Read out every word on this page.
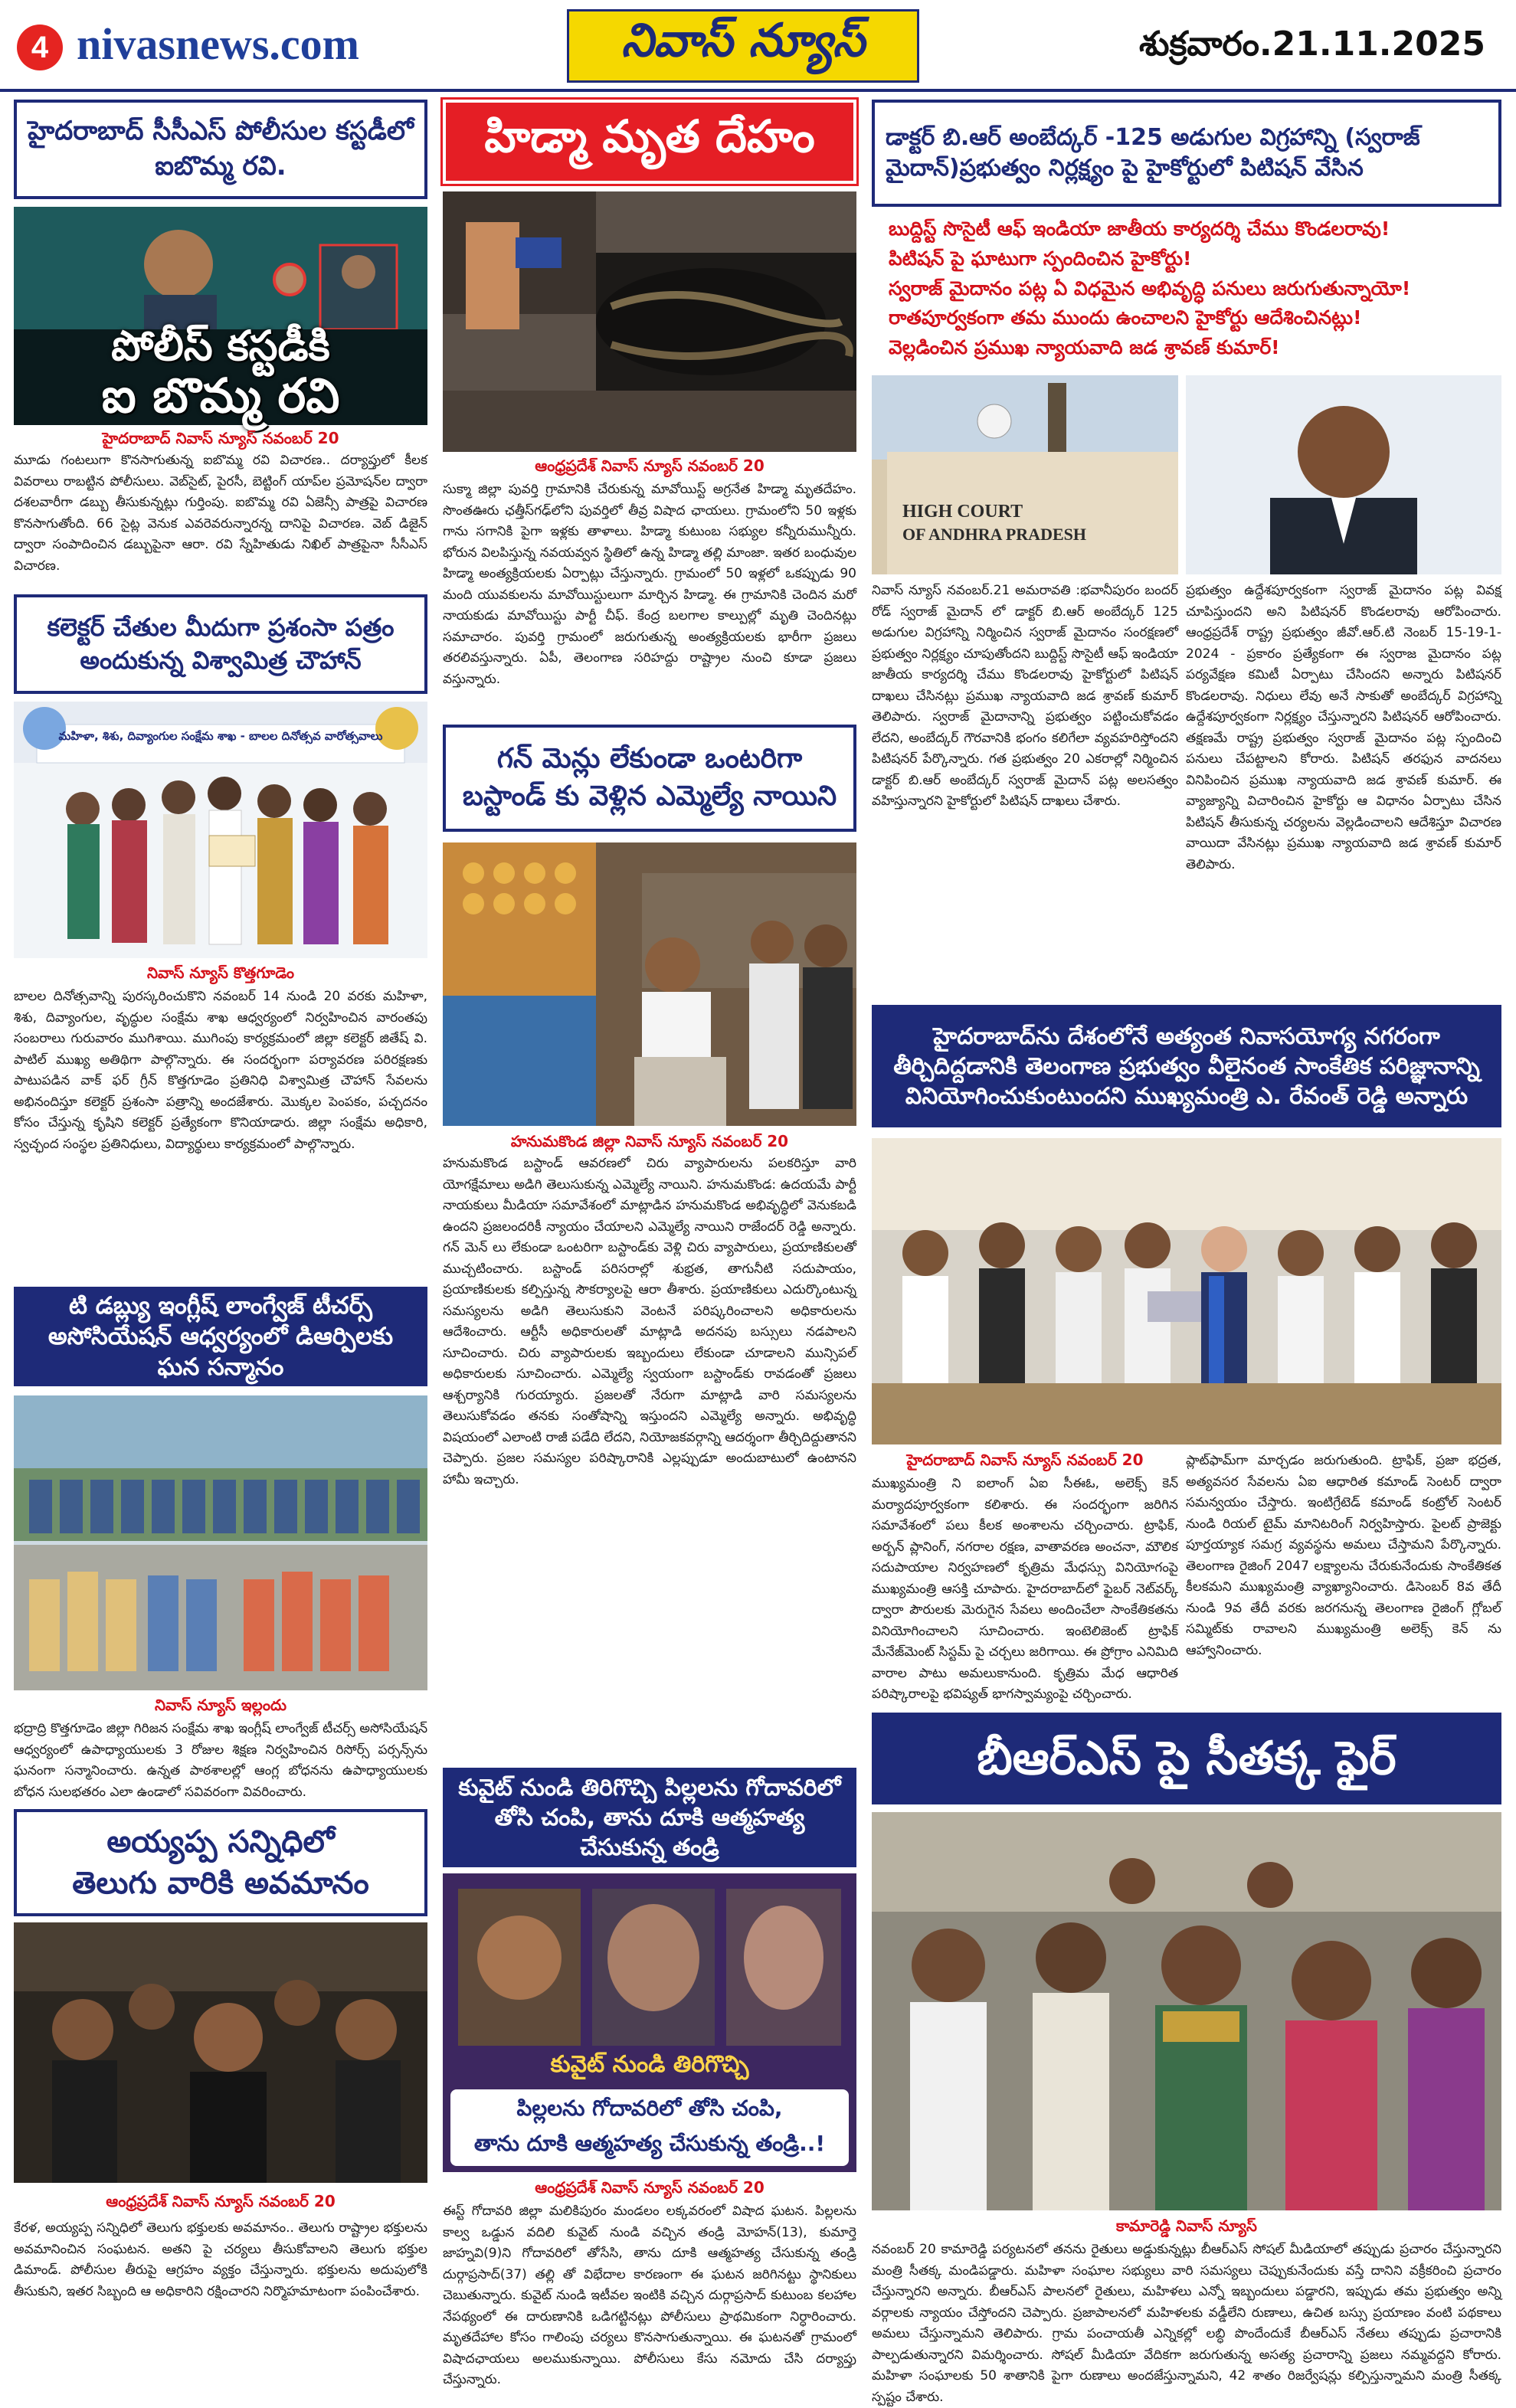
4 nivasnews.com	నివాస్ న్యూస్	శుక్రవారం.21.11.2025
హైదరాబాద్ సీసీఎస్ పోలీసుల కస్టడీలో ఐబొమ్మ రవి.
పోలీస్ కస్టడీకి
ఐ బొమ్మ రవి
హైదరాబాద్ నివాస్ న్యూస్ నవంబర్ 20
మూడు గంటలుగా కొనసాగుతున్న ఐబొమ్మ రవి విచారణ.. దర్యాప్తులో కీలక వివరాలు రాబట్టిన పోలీసులు. వెబ్‌సైట్, పైరసీ, బెట్టింగ్ యాప్‌ల ప్రమోషన్‌ల ద్వారా దశలవారీగా డబ్బు తీసుకున్నట్లు గుర్తింపు. ఐబొమ్మ రవి ఏజెన్సీ పాత్రపై విచారణ కొనసాగుతోంది. 66 సైట్ల వెనుక ఎవరెవరున్నారన్న దానిపై విచారణ. వెబ్ డిజైన్ ద్వారా సంపాదించిన డబ్బుపైనా ఆరా. రవి స్నేహితుడు నిఖిల్ పాత్రపైనా సీసీఎస్ విచారణ.
కలెక్టర్ చేతుల మీదుగా ప్రశంసా పత్రం అందుకున్న విశ్వామిత్ర చౌహాన్
మహిళా, శిశు, దివ్యాంగుల సంక్షేమ శాఖ - బాలల దినోత్సవ వారోత్సవాలు
నివాస్ న్యూస్ కొత్తగూడెం
బాలల దినోత్సవాన్ని పురస్కరించుకొని నవంబర్ 14 నుండి 20 వరకు మహిళా, శిశు, దివ్యాంగుల, వృద్ధుల సంక్షేమ శాఖ ఆధ్వర్యంలో నిర్వహించిన వారంతపు సంబరాలు గురువారం ముగిశాయి. ముగింపు కార్యక్రమంలో జిల్లా కలెక్టర్ జితేష్ వి. పాటిల్ ముఖ్య అతిథిగా పాల్గొన్నారు. ఈ సందర్భంగా పర్యావరణ పరిరక్షణకు పాటుపడిన వాక్ ఫర్ గ్రీన్ కొత్తగూడెం ప్రతినిధి విశ్వామిత్ర చౌహాన్ సేవలను అభినందిస్తూ కలెక్టర్ ప్రశంసా పత్రాన్ని అందజేశారు. మొక్కల పెంపకం, పచ్చదనం కోసం చేస్తున్న కృషిని కలెక్టర్ ప్రత్యేకంగా కొనియాడారు. జిల్లా సంక్షేమ అధికారి, స్వచ్ఛంద సంస్థల ప్రతినిధులు, విద్యార్థులు కార్యక్రమంలో పాల్గొన్నారు.
టి డబ్ల్యు ఇంగ్లీష్ లాంగ్వేజ్ టీచర్స్ అసోసియేషన్ ఆధ్వర్యంలో డిఆర్పిలకు ఘన సన్మానం
నివాస్ న్యూస్ ఇల్లందు
భద్రాద్రి కొత్తగూడెం జిల్లా గిరిజన సంక్షేమ శాఖ ఇంగ్లీష్ లాంగ్వేజ్ టీచర్స్ అసోసియేషన్ ఆధ్వర్యంలో ఉపాధ్యాయులకు 3 రోజుల శిక్షణ నిర్వహించిన రిసోర్స్ పర్సన్స్‌ను ఘనంగా సన్మానించారు. ఉన్నత పాఠశాలల్లో ఆంగ్ల బోధనను ఉపాధ్యాయులకు బోధన సులభతరం ఎలా ఉండాలో సవివరంగా వివరించారు.
అయ్యప్ప సన్నిధిలో
తెలుగు వారికి అవమానం
ఆంధ్రప్రదేశ్ నివాస్ న్యూస్ నవంబర్ 20
కేరళ, అయ్యప్ప సన్నిధిలో తెలుగు భక్తులకు అవమానం.. తెలుగు రాష్ట్రాల భక్తులను అవమానించిన సంఘటన. అతని పై చర్యలు తీసుకోవాలని తెలుగు భక్తుల డిమాండ్. పోలీసుల తీరుపై ఆగ్రహం వ్యక్తం చేస్తున్నారు. భక్తులను అదుపులోకి తీసుకుని, ఇతర సిబ్బంది ఆ అధికారిని రక్షించారని నిర్మొహమాటంగా పంపించేశారు.
హిడ్మా మృత దేహం
ఆంధ్రప్రదేశ్ నివాస్ న్యూస్ నవంబర్ 20
సుక్మా జిల్లా పువర్తి గ్రామానికి చేరుకున్న మావోయిస్ట్ అగ్రనేత హిడ్మా మృతదేహం. సొంతఊరు ఛత్తీస్‌గఢ్‌లోని పువర్తిలో తీవ్ర విషాద ఛాయలు. గ్రామంలోని 50 ఇళ్లకు గాను సగానికి పైగా ఇళ్లకు తాళాలు. హిడ్మా కుటుంబ సభ్యుల కన్నీరుమున్నీరు. భోరున విలపిస్తున్న నవయవ్వన స్థితిలో ఉన్న హిడ్మా తల్లి మాంజా. ఇతర బంధువుల హిడ్మా అంత్యక్రియలకు ఏర్పాట్లు చేస్తున్నారు. గ్రామంలో 50 ఇళ్లలో ఒకప్పుడు 90 మంది యువకులను మావోయిస్టులుగా మార్చిన హిడ్మా. ఈ గ్రామానికి చెందిన మరో నాయకుడు మావోయిస్టు పార్టీ చీఫ్. కేంద్ర బలగాల కాల్పుల్లో మృతి చెందినట్లు సమాచారం. పువర్తి గ్రామంలో జరుగుతున్న అంత్యక్రియలకు భారీగా ప్రజలు తరలివస్తున్నారు. ఏపీ, తెలంగాణ సరిహద్దు రాష్ట్రాల నుంచి కూడా ప్రజలు వస్తున్నారు.
గన్ మెన్లు లేకుండా ఒంటరిగా బస్టాండ్ కు వెళ్లిన ఎమ్మెల్యే నాయిని
హనుమకొండ జిల్లా నివాస్ న్యూస్ నవంబర్ 20
హనుమకొండ బస్టాండ్ ఆవరణలో చిరు వ్యాపారులను పలకరిస్తూ వారి యోగక్షేమాలు అడిగి తెలుసుకున్న ఎమ్మెల్యే నాయిని. హనుమకొండ: ఉదయమే పార్టీ నాయకులు మీడియా సమావేశంలో మాట్లాడిన హనుమకొండ అభివృద్ధిలో వెనుకబడి ఉందని ప్రజలందరికీ న్యాయం చేయాలని ఎమ్మెల్యే నాయిని రాజేందర్ రెడ్డి అన్నారు. గన్ మెన్ లు లేకుండా ఒంటరిగా బస్టాండ్‌కు వెళ్లి చిరు వ్యాపారులు, ప్రయాణికులతో ముచ్చటించారు. బస్టాండ్ పరిసరాల్లో శుభ్రత, తాగునీటి సదుపాయం, ప్రయాణికులకు కల్పిస్తున్న సౌకర్యాలపై ఆరా తీశారు. ప్రయాణికులు ఎదుర్కొంటున్న సమస్యలను అడిగి తెలుసుకుని వెంటనే పరిష్కరించాలని అధికారులను ఆదేశించారు. ఆర్టీసీ అధికారులతో మాట్లాడి అదనపు బస్సులు నడపాలని సూచించారు. చిరు వ్యాపారులకు ఇబ్బందులు లేకుండా చూడాలని మున్సిపల్ అధికారులకు సూచించారు. ఎమ్మెల్యే స్వయంగా బస్టాండ్‌కు రావడంతో ప్రజలు ఆశ్చర్యానికి గురయ్యారు. ప్రజలతో నేరుగా మాట్లాడి వారి సమస్యలను తెలుసుకోవడం తనకు సంతోషాన్ని ఇస్తుందని ఎమ్మెల్యే అన్నారు. అభివృద్ధి విషయంలో ఎలాంటి రాజీ పడేది లేదని, నియోజకవర్గాన్ని ఆదర్శంగా తీర్చిదిద్దుతానని చెప్పారు. ప్రజల సమస్యల పరిష్కారానికి ఎల్లప్పుడూ అందుబాటులో ఉంటానని హామీ ఇచ్చారు.
కువైట్ నుండి తిరిగొచ్చి పిల్లలను గోదావరిలో తోసి చంపి, తాను దూకి ఆత్మహత్య చేసుకున్న తండ్రి
కువైట్ నుండి తిరిగొచ్చి
పిల్లలను గోదావరిలో తోసి చంపి,
తాను దూకి ఆత్మహత్య చేసుకున్న తండ్రి..!
ఆంధ్రప్రదేశ్ నివాస్ న్యూస్ నవంబర్ 20
ఈస్ట్ గోదావరి జిల్లా మలికిపురం మండలం లక్కవరంలో విషాద ఘటన. పిల్లలను కాల్వ ఒడ్డున వదిలి కువైట్ నుండి వచ్చిన తండ్రి మోహన్(13), కుమార్తె జాహ్నవి(9)ని గోదావరిలో తోసేసి, తాను దూకి ఆత్మహత్య చేసుకున్న తండ్రి దుర్గాప్రసాద్(37) తల్లి తో విభేదాల కారణంగా ఈ ఘటన జరిగినట్టు స్థానికులు చెబుతున్నారు. కువైట్ నుండి ఇటీవల ఇంటికి వచ్చిన దుర్గాప్రసాద్ కుటుంబ కలహాల నేపథ్యంలో ఈ దారుణానికి ఒడిగట్టినట్లు పోలీసులు ప్రాథమికంగా నిర్ధారించారు. మృతదేహాల కోసం గాలింపు చర్యలు కొనసాగుతున్నాయి. ఈ ఘటనతో గ్రామంలో విషాదఛాయలు అలముకున్నాయి. పోలీసులు కేసు నమోదు చేసి దర్యాప్తు చేస్తున్నారు.
డాక్టర్ బి.ఆర్ అంబేద్కర్ -125 అడుగుల విగ్రహాన్ని (స్వరాజ్ మైదాన్)ప్రభుత్వం నిర్లక్ష్యం పై హైకోర్టులో పిటిషన్ వేసిన
బుద్దిస్ట్ సొసైటీ ఆఫ్ ఇండియా జాతీయ కార్యదర్శి చేము కొండలరావు!
పిటిషన్ పై ఘాటుగా స్పందించిన హైకోర్టు!
స్వరాజ్ మైదానం పట్ల ఏ విధమైన అభివృద్ధి పనులు జరుగుతున్నాయో!
రాతపూర్వకంగా తమ ముందు ఉంచాలని హైకోర్టు ఆదేశించినట్లు!
వెల్లడించిన ప్రముఖ న్యాయవాది జడ శ్రావణ్ కుమార్!
HIGH COURT
OF ANDHRA PRADESH
నివాస్ న్యూస్ నవంబర్.21 అమరావతి :భవానీపురం బందర్ రోడ్ స్వరాజ్ మైదాన్ లో డాక్టర్ బి.ఆర్ అంబేద్కర్ 125 అడుగుల విగ్రహాన్ని నిర్మించిన స్వరాజ్ మైదానం సంరక్షణలో ప్రభుత్వం నిర్లక్ష్యం చూపుతోందని బుద్దిస్ట్ సొసైటీ ఆఫ్ ఇండియా జాతీయ కార్యదర్శి చేము కొండలరావు హైకోర్టులో పిటిషన్ దాఖలు చేసినట్లు ప్రముఖ న్యాయవాది జడ శ్రావణ్ కుమార్ తెలిపారు. స్వరాజ్ మైదానాన్ని ప్రభుత్వం పట్టించుకోవడం లేదని, అంబేద్కర్ గౌరవానికి భంగం కలిగేలా వ్యవహరిస్తోందని పిటిషనర్ పేర్కొన్నారు. గత ప్రభుత్వం 20 ఎకరాల్లో నిర్మించిన డాక్టర్ బి.ఆర్ అంబేద్కర్ స్వరాజ్ మైదాన్ పట్ల అలసత్వం వహిస్తున్నారని హైకోర్టులో పిటిషన్ దాఖలు చేశారు.
ప్రభుత్వం ఉద్దేశపూర్వకంగా స్వరాజ్ మైదానం పట్ల వివక్ష చూపిస్తుందని అని పిటిషనర్ కొండలరావు ఆరోపించారు. ఆంధ్రప్రదేశ్ రాష్ట్ర ప్రభుత్వం జీవో.ఆర్.టి నెంబర్ 15-19-1-2024 - ప్రకారం ప్రత్యేకంగా ఈ స్వరాజ మైదానం పట్ల పర్యవేక్షణ కమిటీ ఏర్పాటు చేసిందని అన్నారు పిటిషనర్ కొండలరావు. నిధులు లేవు అనే సాకుతో అంబేద్కర్ విగ్రహాన్ని ఉద్దేశపూర్వకంగా నిర్లక్ష్యం చేస్తున్నారని పిటిషనర్ ఆరోపించారు. తక్షణమే రాష్ట్ర ప్రభుత్వం స్వరాజ్ మైదానం పట్ల స్పందించి పనులు చేపట్టాలని కోరారు. పిటిషన్ తరఫున వాదనలు వినిపించిన ప్రముఖ న్యాయవాది జడ శ్రావణ్ కుమార్. ఈ వ్యాజ్యాన్ని విచారించిన హైకోర్టు ఆ విధానం ఏర్పాటు చేసిన పిటిషన్ తీసుకున్న చర్యలను వెల్లడించాలని ఆదేశిస్తూ విచారణ వాయిదా వేసినట్లు ప్రముఖ న్యాయవాది జడ శ్రావణ్ కుమార్ తెలిపారు.
హైదరాబాద్‌ను దేశంలోనే అత్యంత నివాసయోగ్య నగరంగా తీర్చిదిద్దడానికి తెలంగాణ ప్రభుత్వం వీలైనంత సాంకేతిక పరిజ్ఞానాన్ని వినియోగించుకుంటుందని ముఖ్యమంత్రి ఎ. రేవంత్ రెడ్డి అన్నారు
హైదరాబాద్ నివాస్ న్యూస్ నవంబర్ 20
ముఖ్యమంత్రి ని ఐలాంగ్ ఏఐ సీఈఓ, అలెక్స్ కెన్ మర్యాదపూర్వకంగా కలిశారు. ఈ సందర్భంగా జరిగిన సమావేశంలో పలు కీలక అంశాలను చర్చించారు. ట్రాఫిక్, అర్బన్ ప్లానింగ్, నగరాల రక్షణ, వాతావరణ అంచనా, మౌలిక సదుపాయాల నిర్వహణలో కృత్రిమ మేధస్సు వినియోగంపై ముఖ్యమంత్రి ఆసక్తి చూపారు. హైదరాబాద్‌లో ఫైబర్ నెట్‌వర్క్ ద్వారా పౌరులకు మెరుగైన సేవలు అందించేలా సాంకేతికతను వినియోగించాలని సూచించారు. ఇంటెలిజెంట్ ట్రాఫిక్ మేనేజ్‌మెంట్ సిస్టమ్ పై చర్చలు జరిగాయి. ఈ ప్రోగ్రాం ఎనిమిది వారాల పాటు అమలుకానుంది. కృత్రిమ మేధ ఆధారిత పరిష్కారాలపై భవిష్యత్ భాగస్వామ్యంపై చర్చించారు.
ప్లాట్‌ఫామ్‌గా మార్చడం జరుగుతుంది. ట్రాఫిక్, ప్రజా భద్రత, అత్యవసర సేవలను ఏఐ ఆధారిత కమాండ్ సెంటర్ ద్వారా సమన్వయం చేస్తారు. ఇంటిగ్రేటెడ్ కమాండ్ కంట్రోల్ సెంటర్ నుండి రియల్ టైమ్ మానిటరింగ్ నిర్వహిస్తారు. పైలట్ ప్రాజెక్టు పూర్తయ్యాక సమగ్ర వ్యవస్థను అమలు చేస్తామని పేర్కొన్నారు. తెలంగాణ రైజింగ్ 2047 లక్ష్యాలను చేరుకునేందుకు సాంకేతికత కీలకమని ముఖ్యమంత్రి వ్యాఖ్యానించారు. డిసెంబర్ 8వ తేదీ నుండి 9వ తేదీ వరకు జరగనున్న తెలంగాణ రైజింగ్ గ్లోబల్ సమ్మిట్‌కు రావాలని ముఖ్యమంత్రి అలెక్స్ కెన్ ను ఆహ్వానించారు.
బీఆర్ఎస్ పై సీతక్క ఫైర్
కామారెడ్డి నివాస్ న్యూస్
నవంబర్ 20 కామారెడ్డి పర్యటనలో తనను రైతులు అడ్డుకున్నట్లు బీఆర్ఎస్ సోషల్ మీడియాలో తప్పుడు ప్రచారం చేస్తున్నారని మంత్రి సీతక్క మండిపడ్డారు. మహిళా సంఘాల సభ్యులు వారి సమస్యలు చెప్పుకునేందుకు వస్తే దానిని వక్రీకరించి ప్రచారం చేస్తున్నారని అన్నారు. బీఆర్ఎస్ పాలనలో రైతులు, మహిళలు ఎన్నో ఇబ్బందులు పడ్డారని, ఇప్పుడు తమ ప్రభుత్వం అన్ని వర్గాలకు న్యాయం చేస్తోందని చెప్పారు. ప్రజాపాలనలో మహిళలకు వడ్డీలేని రుణాలు, ఉచిత బస్సు ప్రయాణం వంటి పథకాలు అమలు చేస్తున్నామని తెలిపారు. గ్రామ పంచాయతీ ఎన్నికల్లో లబ్ధి పొందేందుకే బీఆర్ఎస్ నేతలు తప్పుడు ప్రచారానికి పాల్పడుతున్నారని విమర్శించారు. సోషల్ మీడియా వేదికగా జరుగుతున్న అసత్య ప్రచారాన్ని ప్రజలు నమ్మవద్దని కోరారు. మహిళా సంఘాలకు 50 శాతానికి పైగా రుణాలు అందజేస్తున్నామని, 42 శాతం రిజర్వేషన్లు కల్పిస్తున్నామని మంత్రి సీతక్క స్పష్టం చేశారు.
